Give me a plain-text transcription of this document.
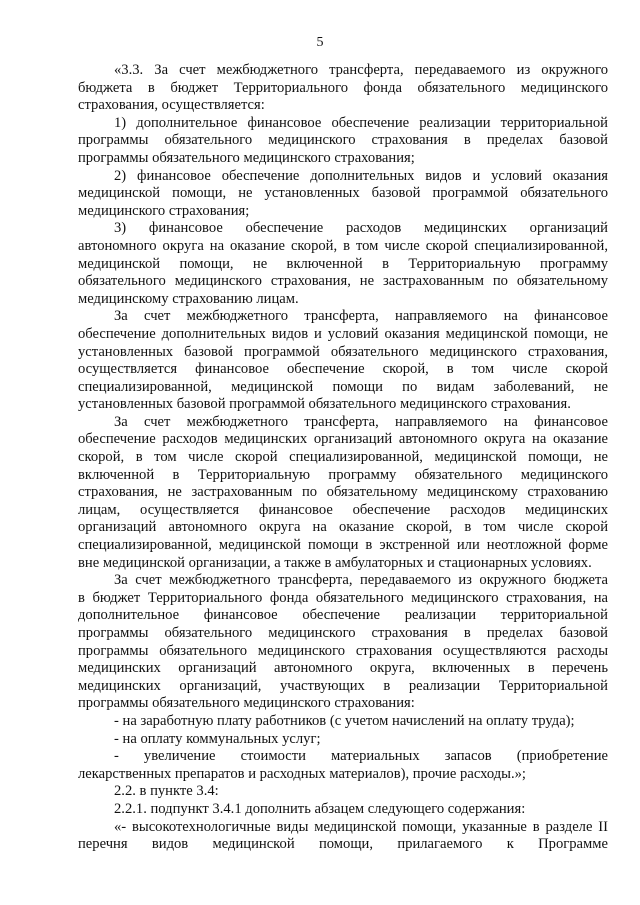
5
«3.3. За счет межбюджетного трансферта, передаваемого из окружного
бюджета в бюджет Территориального фонда обязательного медицинского
страхования, осуществляется:
1) дополнительное финансовое обеспечение реализации территориальной
программы обязательного медицинского страхования в пределах базовой
программы обязательного медицинского страхования;
2) финансовое обеспечение дополнительных видов и условий оказания
медицинской помощи, не установленных базовой программой обязательного
медицинского страхования;
3) финансовое обеспечение расходов медицинских организаций
автономного округа на оказание скорой, в том числе скорой специализированной,
медицинской помощи, не включенной в Территориальную программу
обязательного медицинского страхования, не застрахованным по обязательному
медицинскому страхованию лицам.
За счет межбюджетного трансферта, направляемого на финансовое
обеспечение дополнительных видов и условий оказания медицинской помощи, не
установленных базовой программой обязательного медицинского страхования,
осуществляется финансовое обеспечение скорой, в том числе скорой
специализированной, медицинской помощи по видам заболеваний, не
установленных базовой программой обязательного медицинского страхования.
За счет межбюджетного трансферта, направляемого на финансовое
обеспечение расходов медицинских организаций автономного округа на оказание
скорой, в том числе скорой специализированной, медицинской помощи, не
включенной в Территориальную программу обязательного медицинского
страхования, не застрахованным по обязательному медицинскому страхованию
лицам, осуществляется финансовое обеспечение расходов медицинских
организаций автономного округа на оказание скорой, в том числе скорой
специализированной, медицинской помощи в экстренной или неотложной форме
вне медицинской организации, а также в амбулаторных и стационарных условиях.
За счет межбюджетного трансферта, передаваемого из окружного бюджета
в бюджет Территориального фонда обязательного медицинского страхования, на
дополнительное финансовое обеспечение реализации территориальной
программы обязательного медицинского страхования в пределах базовой
программы обязательного медицинского страхования осуществляются расходы
медицинских организаций автономного округа, включенных в перечень
медицинских организаций, участвующих в реализации Территориальной
программы обязательного медицинского страхования:
- на заработную плату работников (с учетом начислений на оплату труда);
- на оплату коммунальных услуг;
- увеличение стоимости материальных запасов (приобретение
лекарственных препаратов и расходных материалов), прочие расходы.»;
2.2. в пункте 3.4:
2.2.1. подпункт 3.4.1 дополнить абзацем следующего содержания:
«- высокотехнологичные виды медицинской помощи, указанные в разделе II
перечня видов медицинской помощи, прилагаемого к Программе
